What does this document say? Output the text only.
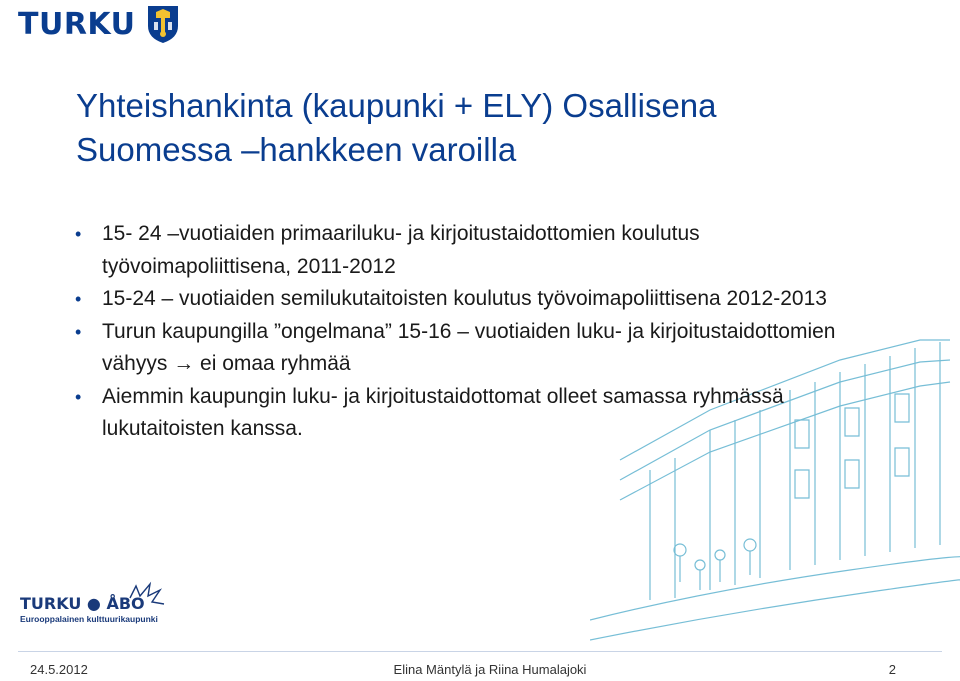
TURKU
Yhteishankinta (kaupunki + ELY) Osallisena
Suomessa –hankkeen varoilla
• 15- 24 –vuotiaiden primaariluku- ja kirjoitustaidottomien koulutus työvoimapoliittisena, 2011-2012
• 15-24 – vuotiaiden semilukutaitoisten koulutus työvoimapoliittisena 2012-2013
• Turun kaupungilla ”ongelmana” 15-16 – vuotiaiden luku- ja kirjoitustaidottomien vähyys → ei omaa ryhmää
• Aiemmin kaupungin luku- ja kirjoitustaidottomat olleet samassa ryhmässä lukutaitoisten kanssa.
TURKU ● ÅBO
Eurooppalainen kulttuurikaupunki
24.5.2012	Elina Mäntylä ja Riina Humalajoki	2
